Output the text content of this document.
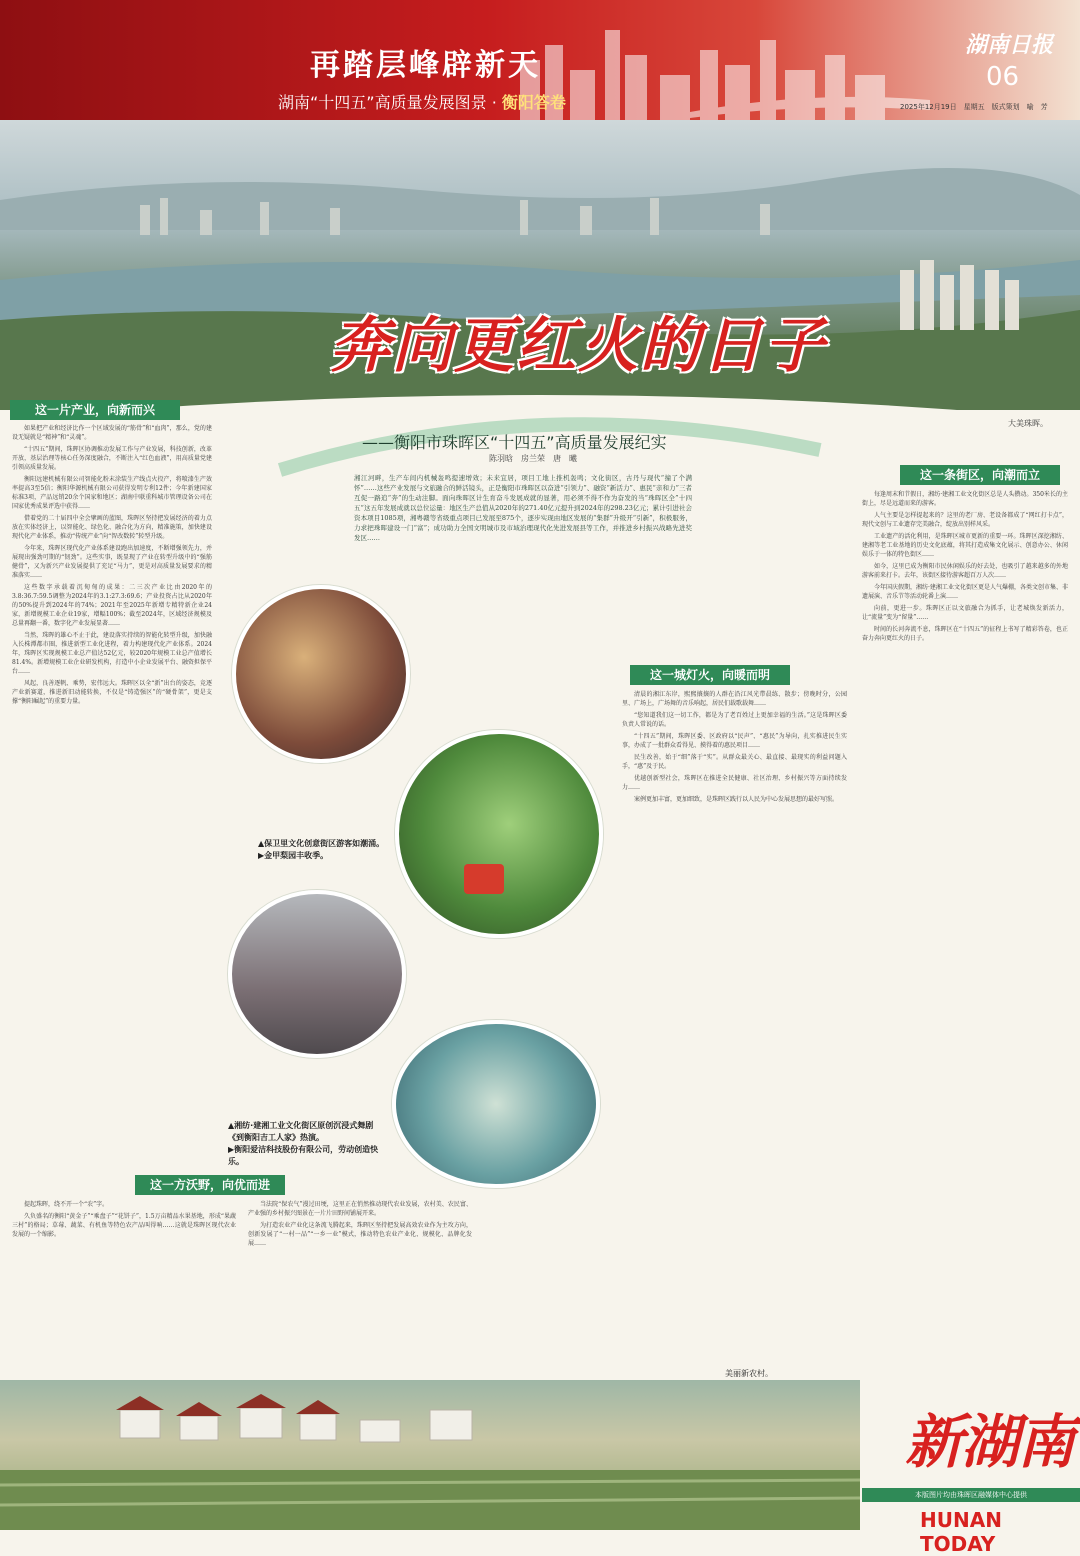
再踏层峰辟新天
湖南“十四五”高质量发展图景 · 衡阳答卷
湖南日报
06
2025年12月19日　星期五　版式策划　喻　芳
奔向更红火的日子
大美珠晖。
——衡阳市珠晖区“十四五”高质量发展纪实
陈羽晗　房兰荣　唐　曦
湘江河畔，生产车间内机械轰鸣提速增效；未来宜居，项目工地上推机轰鸣；文化街区，古丹与现代“撞了个满怀”……这些产业发展与文旅融合的鲜活镜头，正是衡阳市珠晖区以奋进“引领力”、融资“新活力”、惠民“亲和力”三者互促一路追“奔”的生动注脚。面向珠晖区计生育奋斗发展成就的显著，用必须不得不作为奋发的当“珠晖区全”十四五“这五年发展成就以总位运量：地区生产总值从2020年的271.40亿元提升到2024年的298.23亿元；累计引进社会资本项目1085项，湘粤赣等省级重点项目已发展至875个，逐步实现由地区发展的“集群”升级开“引新”，积极服务，力求把珠晖建设一门“富”；成功助力全国文明城市及市域治理现代化先进发展县等工作，并推进乡村振兴战略先进奖发区……
这一片产业，向新而兴

如果把产业和经济比作一个区域发展的“筋骨”和“血肉”，那么，党的建设无疑就是“精神”和“灵魂”。

“十四五”期间，珠晖区协调推动发展工作与产业发展，科技创新，改革开放，基层治理等核心任务深度融合，不断注入“红色血液”，用高质量党建引领高质量发展。

衡阳远建机械有限公司智能化粉末涂装生产线点火投产，将喷漆生产效率提高3至5倍；衡阳华源机械有限公司获得发明专利12件；今年新建国家标准3项，产品远销20余个国家和地区；湖南中联重科城市管理设备公司在国家优秀成果评选中获得……

借着党的二十届四中全会擘画的蓝图，珠晖区坚持把发展经济的着力点放在实体经济上，以智能化、绿色化、融合化为方向，精准施策，加快建设现代化产业体系，推动“传统产业”向“智改数转”转型升级。

今年来，珠晖区现代化产业体系建设跑出加速度，不断增强领先力，并展现出强劲可期的“韧劲”。这些实事，既显现了产业在转型升级中的“强筋健骨”，又为新兴产业发展提供了充足“马力”，更是对高质量发展要求的精准落实……

这些数字承载着沉甸甸的成果：二三次产业比由2020年的3.8:36.7:59.5调整为2024年的3.1:27.3:69.6；产业投资占比从2020年的50%提升到2024年的74%；2021年至2025年新增专精特新企业24家，新增规模工业企业19家，增幅100%；截至2024年，区域经济规模及总量再翻一番，数字化产业发展显著……

当然，珠晖的雄心不止于此，建设落实持续的智能化转型升级，加快融入长株潭都市圈，推进新型工业化进程，着力构建现代化产业体系。2024年，珠晖区实现规模工业总产值达52亿元，较2020年规模工业总产值增长81.4%。新增规模工业企业研发机构，打造中小企业发展平台、融资担保平台……

风起，良善逐帆、乘势，宏伟远大。珠晖区以全“新”出台的姿态，竞逐产业新赛道，推进新旧动能转换，不仅是“铸造强区”的“硬骨架”，更是支撑“衡阳崛起”的重要力量。

▲保卫里文化创意街区游客如潮涌。
▶金甲梨园丰收季。
▲湘纺·建湘工业文化街区原创沉浸式舞剧《到衡阳吉工人家》热演。
▶衡阳爱洁科技股份有限公司，劳动创造快乐。
这一方沃野，向优而进

提起珠晖，绕不开一个“农”字。

久负盛名的衡阳“黄金子”“乘盘子”“花饼子”，1.5万亩精品水果基地，形成“果蔬三村”的格局；草莓、蔬菜、有机鱼等特色农产品叫得响……这就是珠晖区现代农业发展的一个缩影。

当法院“保农气”漫过田埂，这里正在悄然推动现代农业发展，农村美、农民富、产业强的乡村振兴图景在一片片田野间铺展开来。

为打造农业产业化这条流飞腾起来，珠晖区坚持把发展高效农业作为主攻方向，创新发展了“一村一品”“一乡一业”模式，推动特色农业产业化、规模化、品牌化发展……

这一城灯火，向暖而明

清晨的湘江东岸，熙熙攘攘的人群在沿江风光带晨练、散步；傍晚时分，公园里、广场上，广场舞的音乐响起，居民们载歌载舞……

“您知道我们这一切工作，都是为了老百姓过上更加幸福的生活。”这是珠晖区委负责人常说的话。

“十四五”期间，珠晖区委、区政府以“民声”、“惠民”为导向，扎实推进民生实事，办成了一批群众看得见、摸得着的惠民项目……

民生改善，始于“细”落于“实”。从群众最关心、最直接、最现实的利益问题入手，“惠”及于民。

优越创新型社会，珠晖区在推进全民健康、社区治理、乡村振兴等方面持续发力……

案例更加丰富，更加细致，是珠晖区践行以人民为中心发展思想的最好写照。

这一条街区，向潮而立

每逢周末和节假日，湘纺·建湘工业文化街区总是人头攒动。350米长的主街上，尽是远道而来的游客。

人气主要是怎样提起来的？这里的老厂房、老设备都成了“网红打卡点”，现代文创与工业遗存完美融合，绽放出别样风采。

工业遗产的活化利用，是珠晖区城市更新的重要一环。珠晖区深挖湘纺、建湘等老工业基地的历史文化底蕴，将其打造成集文化展示、创意办公、休闲娱乐于一体的特色街区……

如今，这里已成为衡阳市民休闲娱乐的好去处，也吸引了越来越多的外地游客前来打卡。去年，该街区接待游客超百万人次……

今年国庆假期，湘纺·建湘工业文化街区更是人气爆棚，各类文创市集、非遗展演、音乐节等活动轮番上演……

向前，更进一步。珠晖区正以文旅融合为抓手，让老城焕发新活力，让“流量”变为“留量”……

时间的长河奔流不息，珠晖区在“十四五”的征程上书写了精彩答卷，也正奋力奔向更红火的日子。

美丽新农村。
新湖南
本版图片均由珠晖区融媒体中心提供
HUNAN TODAY
